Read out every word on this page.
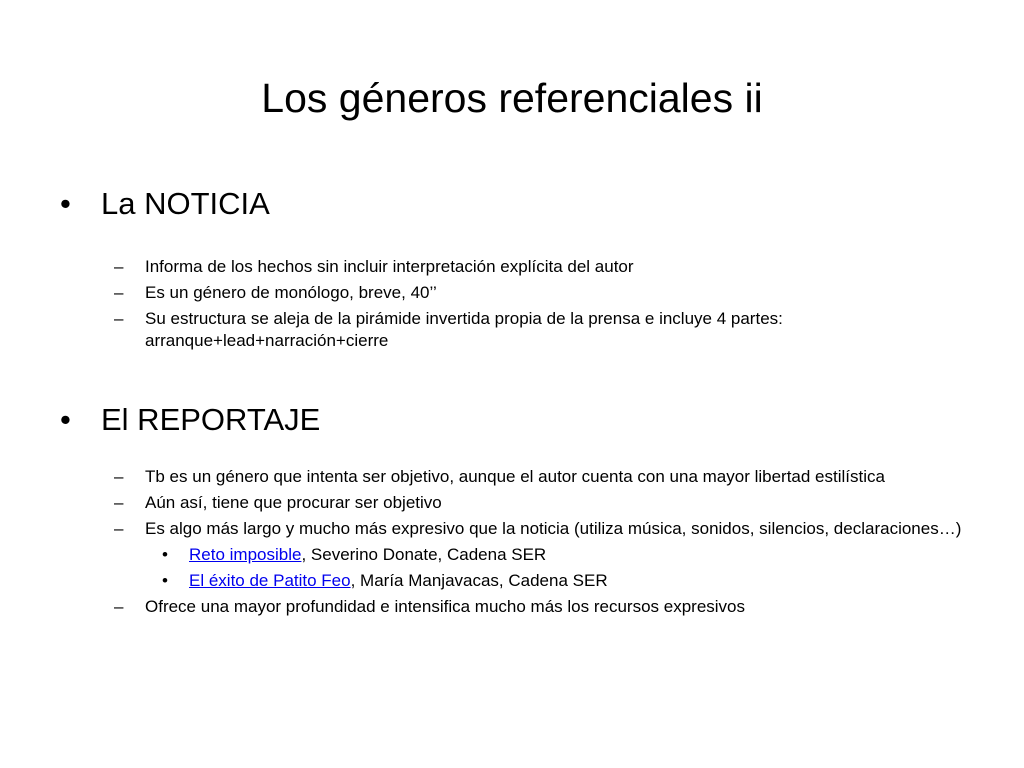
Los géneros referenciales ii
• La NOTICIA
– Informa de los hechos sin incluir interpretación explícita del autor
– Es un género de monólogo, breve, 40’’
– Su estructura se aleja de la pirámide invertida propia de la prensa e incluye 4 partes: arranque+lead+narración+cierre
• El REPORTAJE
– Tb es un género que intenta ser objetivo, aunque el autor cuenta con una mayor libertad estilística
– Aún así, tiene que procurar ser objetivo
– Es algo más largo y mucho más expresivo que la noticia (utiliza música, sonidos, silencios, declaraciones…)
• Reto imposible, Severino Donate, Cadena SER
• El éxito de Patito Feo, María Manjavacas, Cadena SER
– Ofrece una mayor profundidad e intensifica mucho más los recursos expresivos
